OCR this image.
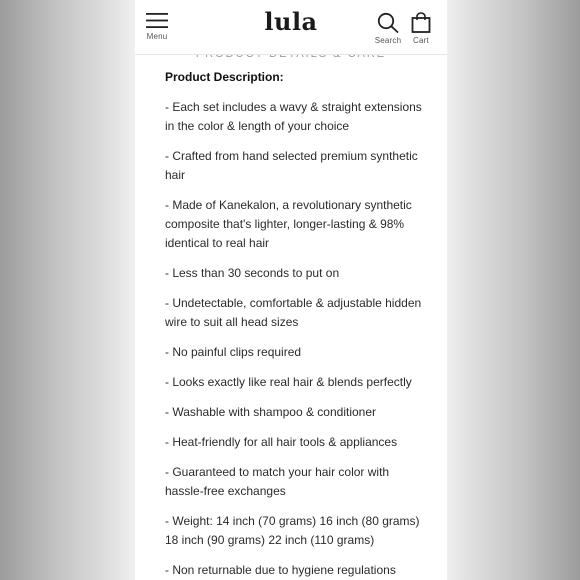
Menu
lula
Search	Cart
Product Description:
- Each set includes a wavy & straight extensions in the color & length of your choice
- Crafted from hand selected premium synthetic hair
- Made of Kanekalon, a revolutionary synthetic composite that's lighter, longer-lasting & 98% identical to real hair
- Less than 30 seconds to put on
- Undetectable, comfortable & adjustable hidden wire to suit all head sizes
- No painful clips required
- Looks exactly like real hair & blends perfectly
- Washable with shampoo & conditioner
- Heat-friendly for all hair tools & appliances
- Guaranteed to match your hair color with hassle-free exchanges
- Weight: 14 inch (70 grams) 16 inch (80 grams) 18 inch (90 grams) 22 inch (110 grams)
- Non returnable due to hygiene regulations
